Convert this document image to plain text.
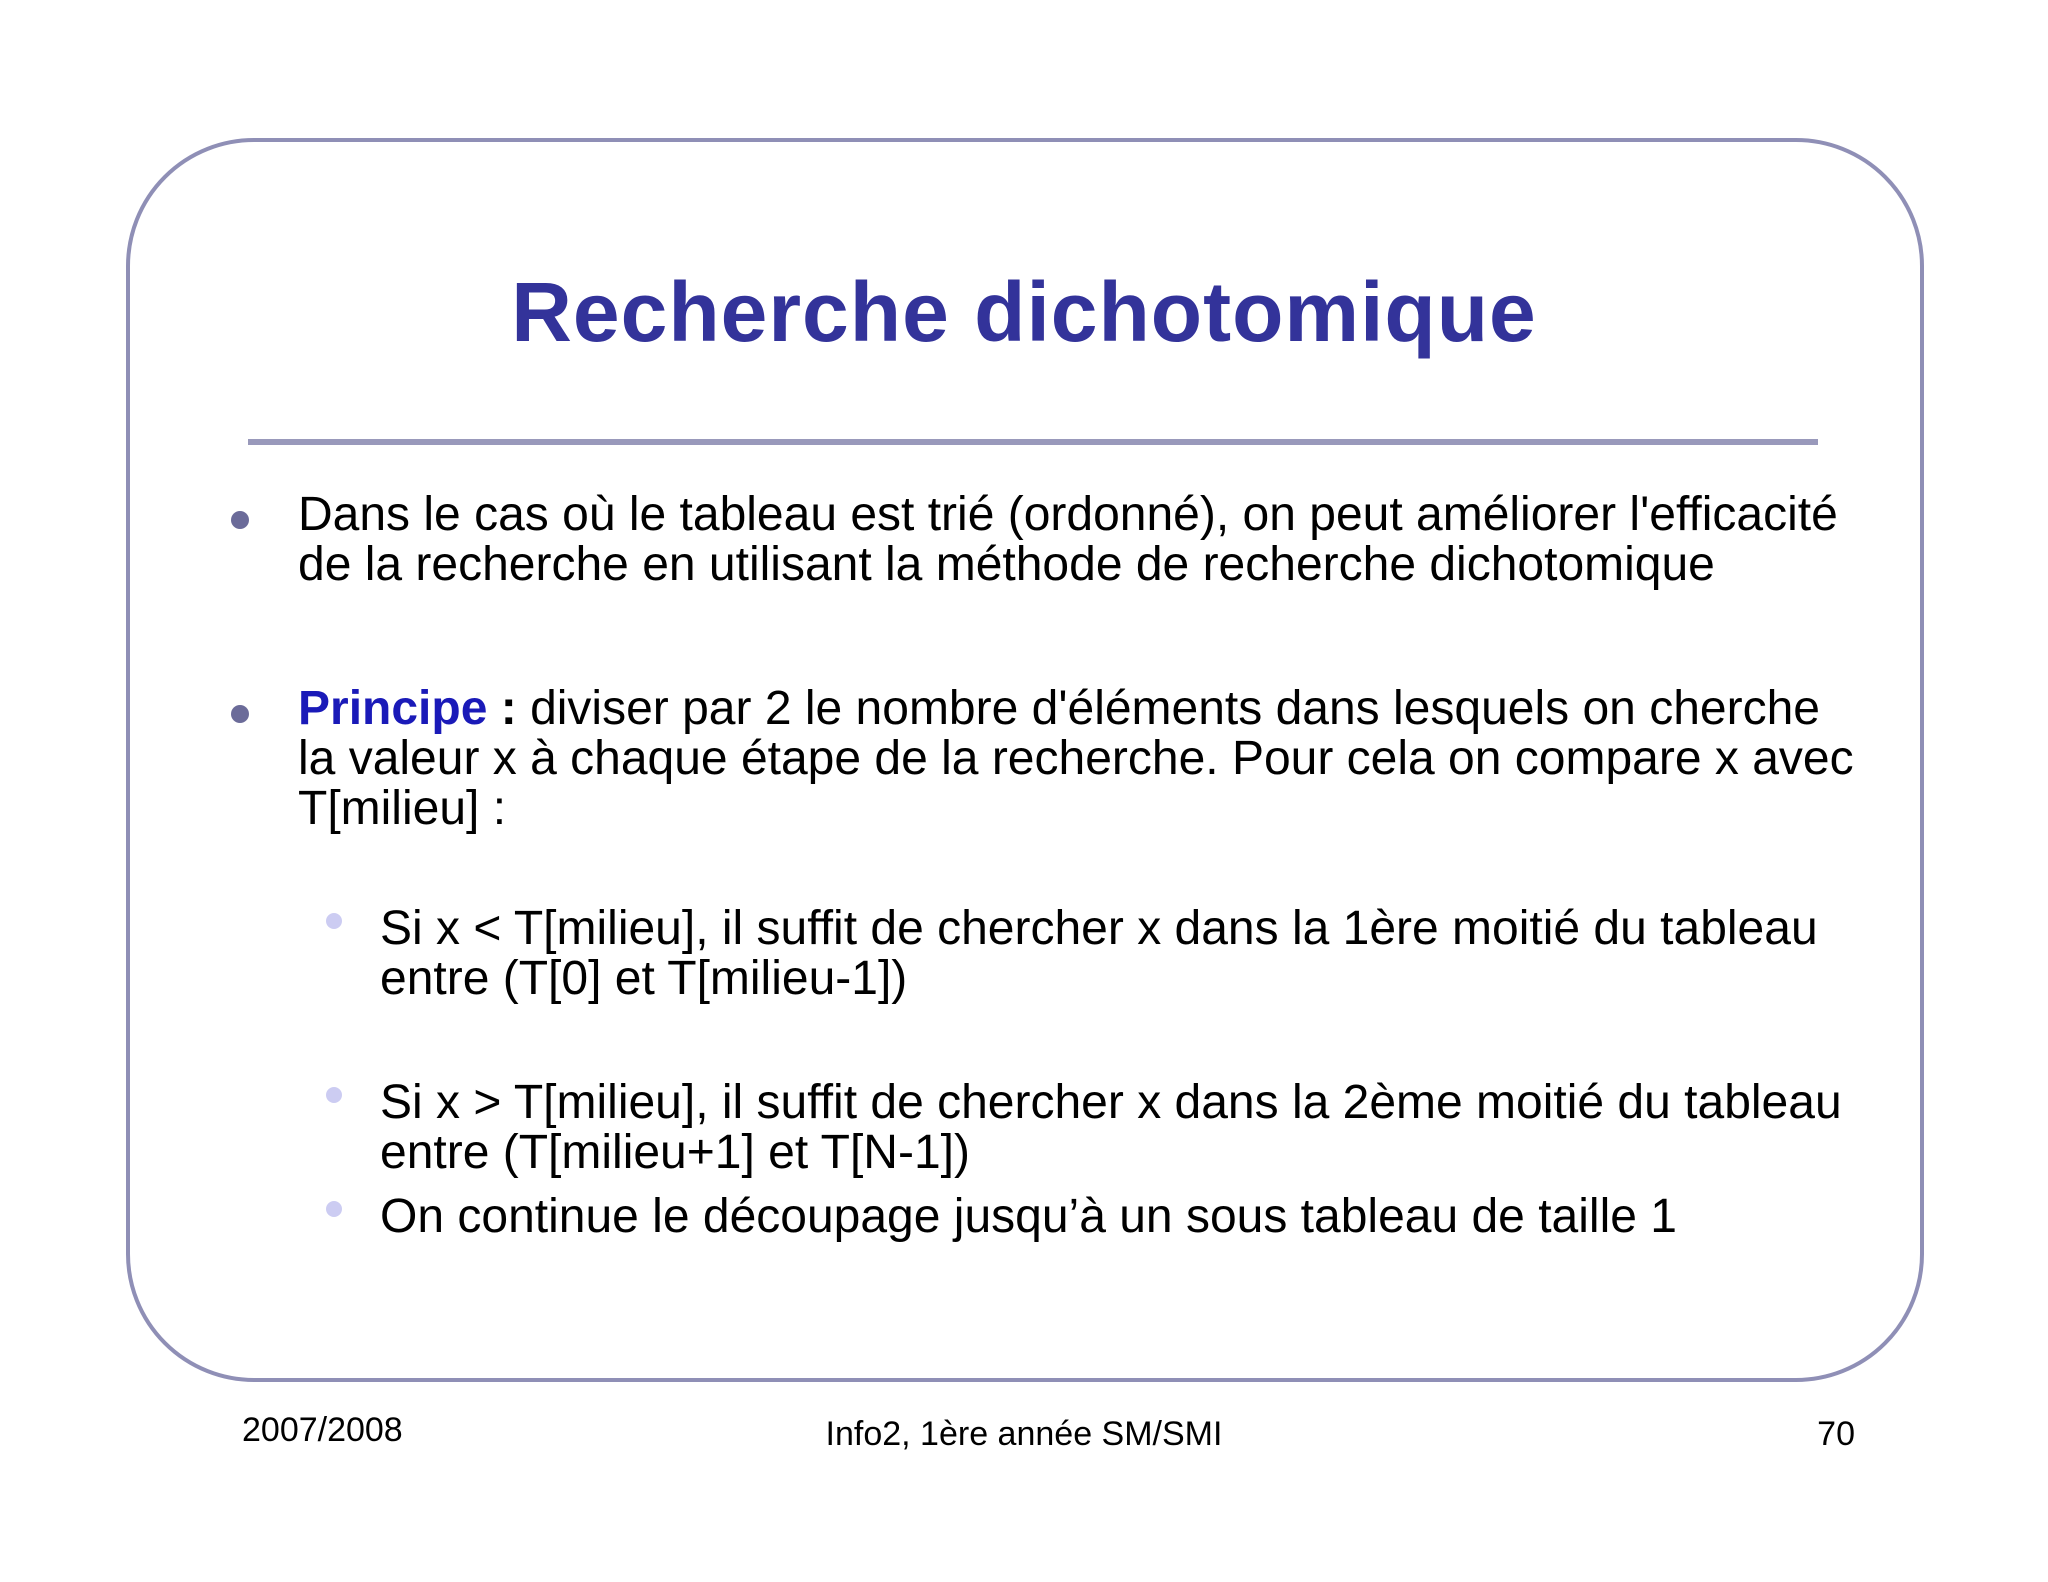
Recherche dichotomique
Dans le cas où le tableau est trié (ordonné), on peut améliorer l'efficacité de la recherche en utilisant la méthode de recherche dichotomique
Principe : diviser par 2 le nombre d'éléments dans lesquels on cherche la valeur x à chaque étape de la recherche. Pour cela on compare x avec T[milieu] :
Si x < T[milieu], il suffit de chercher x dans la 1ère moitié du tableau entre (T[0] et T[milieu-1])
Si x > T[milieu], il suffit de chercher x dans la 2ème moitié du tableau entre (T[milieu+1] et T[N-1])
On continue le découpage jusqu’à un sous tableau de taille 1
2007/2008	Info2, 1ère année SM/SMI	70
